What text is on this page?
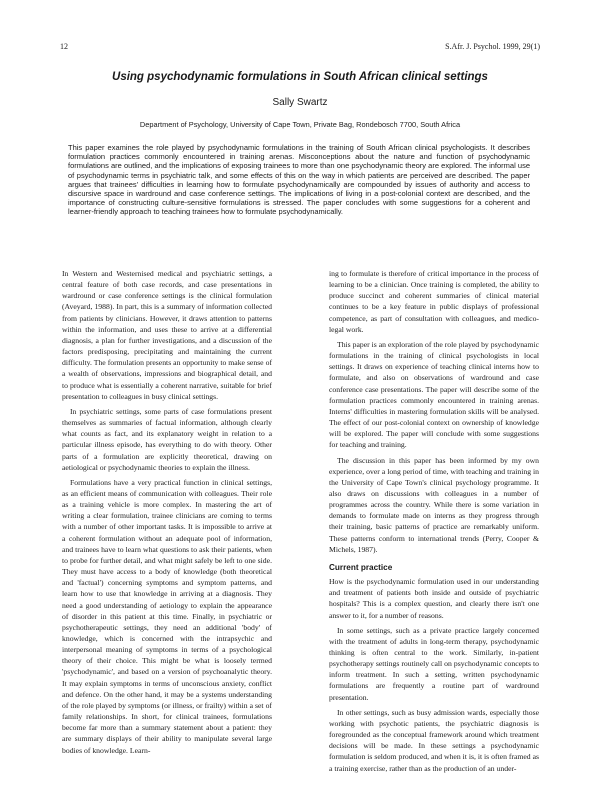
12	S.Afr. J. Psychol. 1999, 29(1)
Using psychodynamic formulations in South African clinical settings
Sally Swartz
Department of Psychology, University of Cape Town, Private Bag, Rondebosch 7700, South Africa

This paper examines the role played by psychodynamic formulations in the training of South African clinical psychologists. It describes formulation practices commonly encountered in training arenas. Misconceptions about the nature and function of psychodynamic formulations are outlined, and the implications of exposing trainees to more than one psychodynamic theory are explored. The informal use of psychodynamic terms in psychiatric talk, and some effects of this on the way in which patients are perceived are described. The paper argues that trainees' difficulties in learning how to formulate psychodynamically are compounded by issues of authority and access to discursive space in wardround and case conference settings. The implications of living in a post-colonial context are described, and the importance of constructing culture-sensitive formulations is stressed. The paper concludes with some suggestions for a coherent and learner-friendly approach to teaching trainees how to formulate psychodynamically.

In Western and Westernised medical and psychiatric settings, a central feature of both case records, and case presentations in wardround or case conference settings is the clinical formulation (Aveyard, 1988). In part, this is a summary of information collected from patients by clinicians. However, it draws attention to patterns within the information, and uses these to arrive at a differential diagnosis, a plan for further investigations, and a discussion of the factors predisposing, precipitating and maintaining the current difficulty. The formulation presents an opportunity to make sense of a wealth of observations, impressions and biographical detail, and to produce what is essentially a coherent narrative, suitable for brief presentation to colleagues in busy clinical settings.

In psychiatric settings, some parts of case formulations present themselves as summaries of factual information, although clearly what counts as fact, and its explanatory weight in relation to a particular illness episode, has everything to do with theory. Other parts of a formulation are explicitly theoretical, drawing on aetiological or psychodynamic theories to explain the illness.

Formulations have a very practical function in clinical settings, as an efficient means of communication with colleagues. Their role as a training vehicle is more complex. In mastering the art of writing a clear formulation, trainee clinicians are coming to terms with a number of other important tasks. It is impossible to arrive at a coherent formulation without an adequate pool of information, and trainees have to learn what questions to ask their patients, when to probe for further detail, and what might safely be left to one side. They must have access to a body of knowledge (both theoretical and 'factual') concerning symptoms and symptom patterns, and learn how to use that knowledge in arriving at a diagnosis. They need a good understanding of aetiology to explain the appearance of disorder in this patient at this time. Finally, in psychiatric or psychotherapeutic settings, they need an additional 'body' of knowledge, which is concerned with the intrapsychic and interpersonal meaning of symptoms in terms of a psychological theory of their choice. This might be what is loosely termed 'psychodynamic', and based on a version of psychoanalytic theory. It may explain symptoms in terms of unconscious anxiety, conflict and defence. On the other hand, it may be a systems understanding of the role played by symptoms (or illness, or frailty) within a set of family relationships. In short, for clinical trainees, formulations become far more than a summary statement about a patient: they are summary displays of their ability to manipulate several large bodies of knowledge. Learn-

ing to formulate is therefore of critical importance in the process of learning to be a clinician. Once training is completed, the ability to produce succinct and coherent summaries of clinical material continues to be a key feature in public displays of professional competence, as part of consultation with colleagues, and medico-legal work.

This paper is an exploration of the role played by psychodynamic formulations in the training of clinical psychologists in local settings. It draws on experience of teaching clinical interns how to formulate, and also on observations of wardround and case conference case presentations. The paper will describe some of the formulation practices commonly encountered in training arenas. Interns' difficulties in mastering formulation skills will be analysed. The effect of our post-colonial context on ownership of knowledge will be explored. The paper will conclude with some suggestions for teaching and training.

The discussion in this paper has been informed by my own experience, over a long period of time, with teaching and training in the University of Cape Town's clinical psychology programme. It also draws on discussions with colleagues in a number of programmes across the country. While there is some variation in demands to formulate made on interns as they progress through their training, basic patterns of practice are remarkably uniform. These patterns conform to international trends (Perry, Cooper & Michels, 1987).

Current practice

How is the psychodynamic formulation used in our understanding and treatment of patients both inside and outside of psychiatric hospitals? This is a complex question, and clearly there isn't one answer to it, for a number of reasons.

In some settings, such as a private practice largely concerned with the treatment of adults in long-term therapy, psychodynamic thinking is often central to the work. Similarly, in-patient psychotherapy settings routinely call on psychodynamic concepts to inform treatment. In such a setting, written psychodynamic formulations are frequently a routine part of wardround presentation.

In other settings, such as busy admission wards, especially those working with psychotic patients, the psychiatric diagnosis is foregrounded as the conceptual framework around which treatment decisions will be made. In these settings a psychodynamic formulation is seldom produced, and when it is, it is often framed as a training exercise, rather than as the production of an under-
